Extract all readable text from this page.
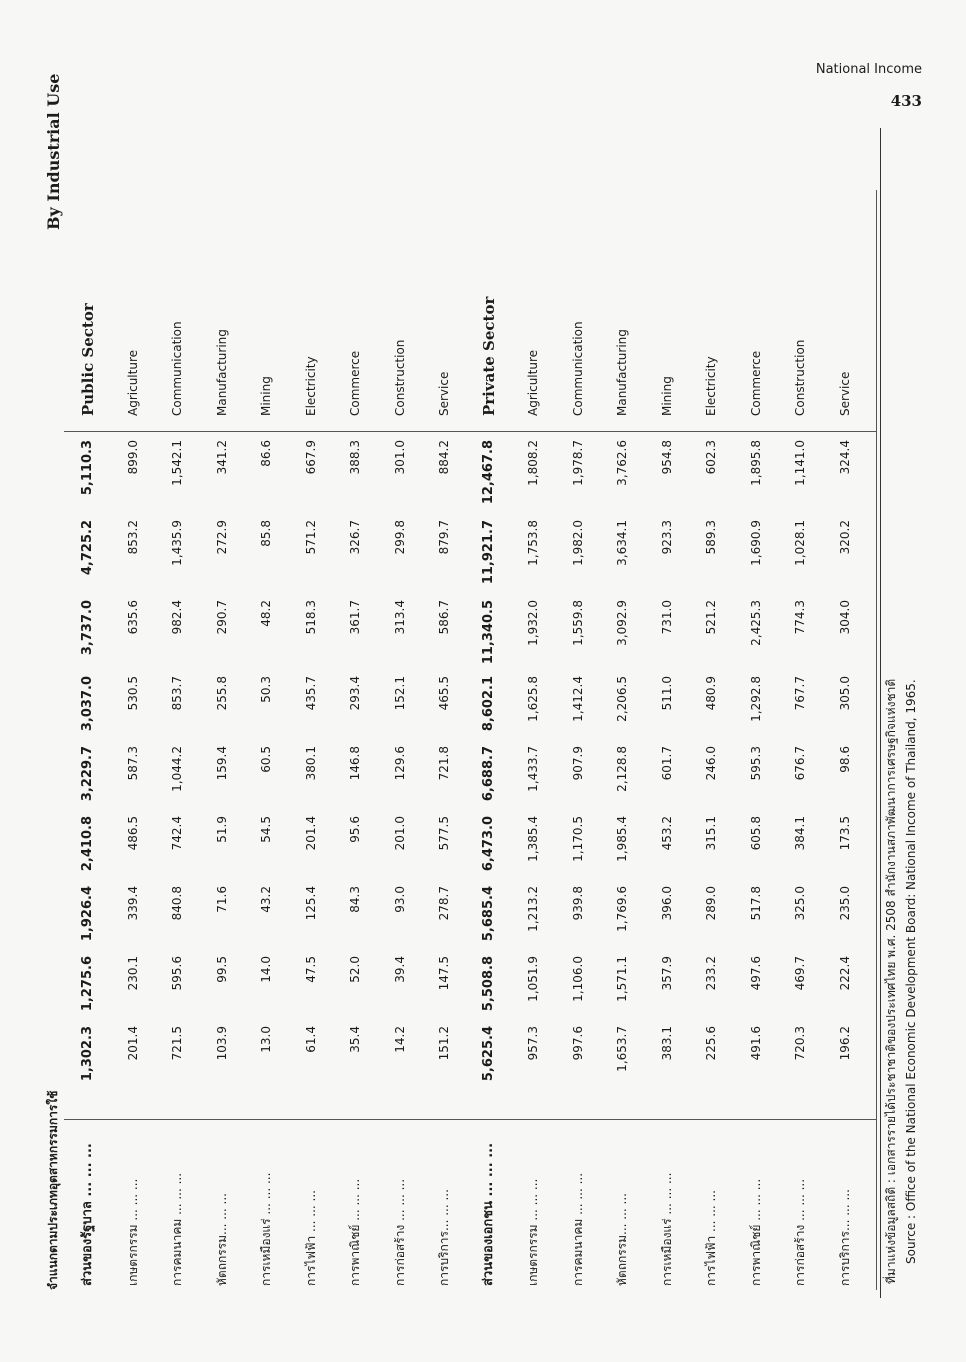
National Income
433
จำแนกตามประเภทอุตสาหกรรมการใช้
By Industrial Use
ส่วนของรัฐบาล ... ... ...
1,302.3
1,275.6
1,926.4
2,410.8
3,229.7
3,037.0
3,737.0
4,725.2
5,110.3
Public Sector
เกษตรกรรม ... ... ...
201.4
230.1
339.4
486.5
587.3
530.5
635.6
853.2
899.0
Agriculture
การคมนาคม ... ... ...
721.5
595.6
840.8
742.4
1,044.2
853.7
982.4
1,435.9
1,542.1
Communication
หัตถกรรม... ... ...
103.9
99.5
71.6
51.9
159.4
255.8
290.7
272.9
341.2
Manufacturing
การเหมืองแร่ ... ... ...
13.0
14.0
43.2
54.5
60.5
50.3
48.2
85.8
86.6
Mining
การไฟฟ้า ... ... ...
61.4
47.5
125.4
201.4
380.1
435.7
518.3
571.2
667.9
Electricity
การพาณิชย์ ... ... ...
35.4
52.0
84.3
95.6
146.8
293.4
361.7
326.7
388.3
Commerce
การก่อสร้าง ... ... ...
14.2
39.4
93.0
201.0
129.6
152.1
313.4
299.8
301.0
Construction
การบริการ... ... ...
151.2
147.5
278.7
577.5
721.8
465.5
586.7
879.7
884.2
Service
ส่วนของเอกชน ... ... ...
5,625.4
5,508.8
5,685.4
6,473.0
6,688.7
8,602.1
11,340.5
11,921.7
12,467.8
Private Sector
เกษตรกรรม ... ... ...
957.3
1,051.9
1,213.2
1,385.4
1,433.7
1,625.8
1,932.0
1,753.8
1,808.2
Agriculture
การคมนาคม ... ... ...
997.6
1,106.0
939.8
1,170.5
907.9
1,412.4
1,559.8
1,982.0
1,978.7
Communication
หัตถกรรม... ... ...
1,653.7
1,571.1
1,769.6
1,985.4
2,128.8
2,206.5
3,092.9
3,634.1
3,762.6
Manufacturing
การเหมืองแร่ ... ... ...
383.1
357.9
396.0
453.2
601.7
511.0
731.0
923.3
954.8
Mining
การไฟฟ้า ... ... ...
225.6
233.2
289.0
315.1
246.0
480.9
521.2
589.3
602.3
Electricity
การพาณิชย์ ... ... ...
491.6
497.6
517.8
605.8
595.3
1,292.8
2,425.3
1,690.9
1,895.8
Commerce
การก่อสร้าง ... ... ...
720.3
469.7
325.0
384.1
676.7
767.7
774.3
1,028.1
1,141.0
Construction
การบริการ... ... ...
196.2
222.4
235.0
173.5
98.6
305.0
304.0
320.2
324.4
Service
ที่มาแห่งข้อมูลสถิติ : เอกสารรายได้ประชาชาติของประเทศไทย พ.ศ. 2508 สำนักงานสภาพัฒนาการเศรษฐกิจแห่งชาติ Source : Office of the National Economic Development Board: National Income of Thailand, 1965.
